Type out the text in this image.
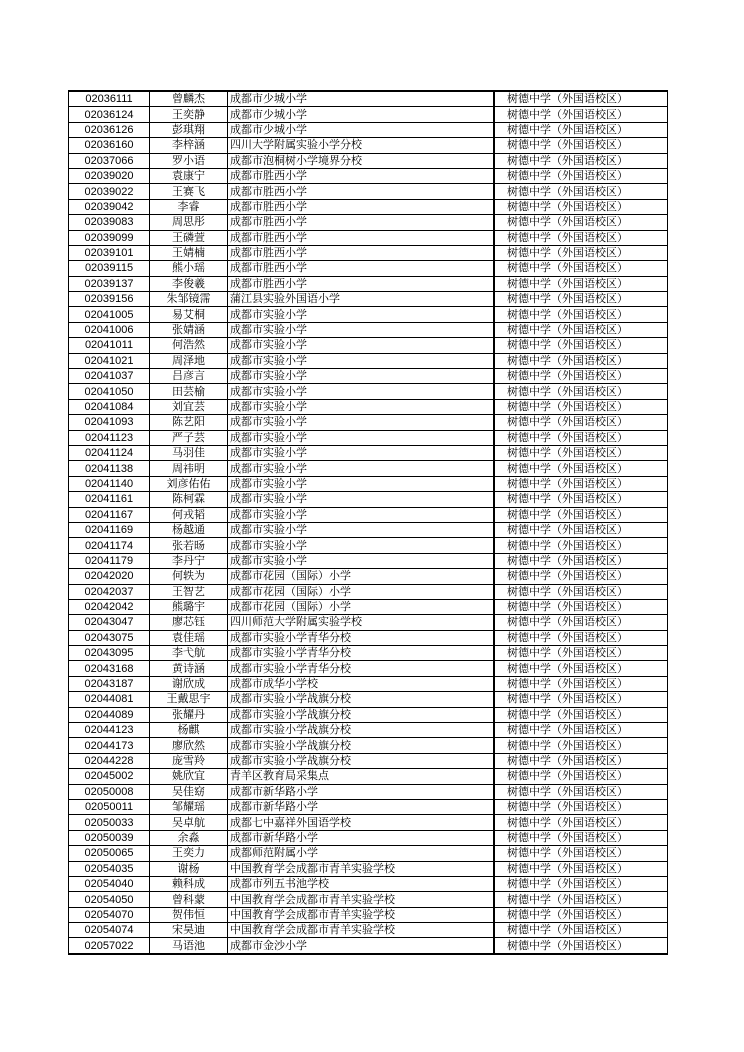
02036111	曾麟杰	成都市少城小学		树德中学（外国语校区）
02036124	王奕静	成都市少城小学		树德中学（外国语校区）
02036126	彭琪翔	成都市少城小学		树德中学（外国语校区）
02036160	李梓涵	四川大学附属实验小学分校		树德中学（外国语校区）
02037066	罗小语	成都市泡桐树小学境界分校		树德中学（外国语校区）
02039020	袁康宁	成都市胜西小学		树德中学（外国语校区）
02039022	王赛飞	成都市胜西小学		树德中学（外国语校区）
02039042	李睿	成都市胜西小学		树德中学（外国语校区）
02039083	周思彤	成都市胜西小学		树德中学（外国语校区）
02039099	王磷萱	成都市胜西小学		树德中学（外国语校区）
02039101	王婧楠	成都市胜西小学		树德中学（外国语校区）
02039115	熊小瑶	成都市胜西小学		树德中学（外国语校区）
02039137	李俊羲	成都市胜西小学		树德中学（外国语校区）
02039156	朱邹镜霈	蒲江县实验外国语小学		树德中学（外国语校区）
02041005	易艾桐	成都市实验小学		树德中学（外国语校区）
02041006	张婧涵	成都市实验小学		树德中学（外国语校区）
02041011	何浩然	成都市实验小学		树德中学（外国语校区）
02041021	周泽地	成都市实验小学		树德中学（外国语校区）
02041037	吕彦言	成都市实验小学		树德中学（外国语校区）
02041050	田芸榆	成都市实验小学		树德中学（外国语校区）
02041084	刘宜芸	成都市实验小学		树德中学（外国语校区）
02041093	陈艺阳	成都市实验小学		树德中学（外国语校区）
02041123	严子芸	成都市实验小学		树德中学（外国语校区）
02041124	马羽佳	成都市实验小学		树德中学（外国语校区）
02041138	周祎明	成都市实验小学		树德中学（外国语校区）
02041140	刘彦佑佑	成都市实验小学		树德中学（外国语校区）
02041161	陈柯霖	成都市实验小学		树德中学（外国语校区）
02041167	何戎韬	成都市实验小学		树德中学（外国语校区）
02041169	杨越通	成都市实验小学		树德中学（外国语校区）
02041174	张若旸	成都市实验小学		树德中学（外国语校区）
02041179	李丹宁	成都市实验小学		树德中学（外国语校区）
02042020	何轶为	成都市花园（国际）小学		树德中学（外国语校区）
02042037	王智艺	成都市花园（国际）小学		树德中学（外国语校区）
02042042	熊璐宇	成都市花园（国际）小学		树德中学（外国语校区）
02043047	廖芯钰	四川师范大学附属实验学校		树德中学（外国语校区）
02043075	袁佳瑶	成都市实验小学青华分校		树德中学（外国语校区）
02043095	李弋航	成都市实验小学青华分校		树德中学（外国语校区）
02043168	黄诗涵	成都市实验小学青华分校		树德中学（外国语校区）
02043187	谢欣成	成都市成华小学校		树德中学（外国语校区）
02044081	王戴思宇	成都市实验小学战旗分校		树德中学（外国语校区）
02044089	张耀丹	成都市实验小学战旗分校		树德中学（外国语校区）
02044123	杨麒	成都市实验小学战旗分校		树德中学（外国语校区）
02044173	廖欣然	成都市实验小学战旗分校		树德中学（外国语校区）
02044228	庞雪羚	成都市实验小学战旗分校		树德中学（外国语校区）
02045002	姚欣宜	青羊区教育局采集点		树德中学（外国语校区）
02050008	吴佳窈	成都市新华路小学		树德中学（外国语校区）
02050011	邹耀瑶	成都市新华路小学		树德中学（外国语校区）
02050033	吴卓航	成都七中嘉祥外国语学校		树德中学（外国语校区）
02050039	余淼	成都市新华路小学		树德中学（外国语校区）
02050065	王奕力	成都师范附属小学		树德中学（外国语校区）
02054035	谢杨	中国教育学会成都市青羊实验学校		树德中学（外国语校区）
02054040	赖科成	成都市列五书池学校		树德中学（外国语校区）
02054050	曾科蒙	中国教育学会成都市青羊实验学校		树德中学（外国语校区）
02054070	贺伟恒	中国教育学会成都市青羊实验学校		树德中学（外国语校区）
02054074	宋昊迪	中国教育学会成都市青羊实验学校		树德中学（外国语校区）
02057022	马语池	成都市金沙小学		树德中学（外国语校区）
